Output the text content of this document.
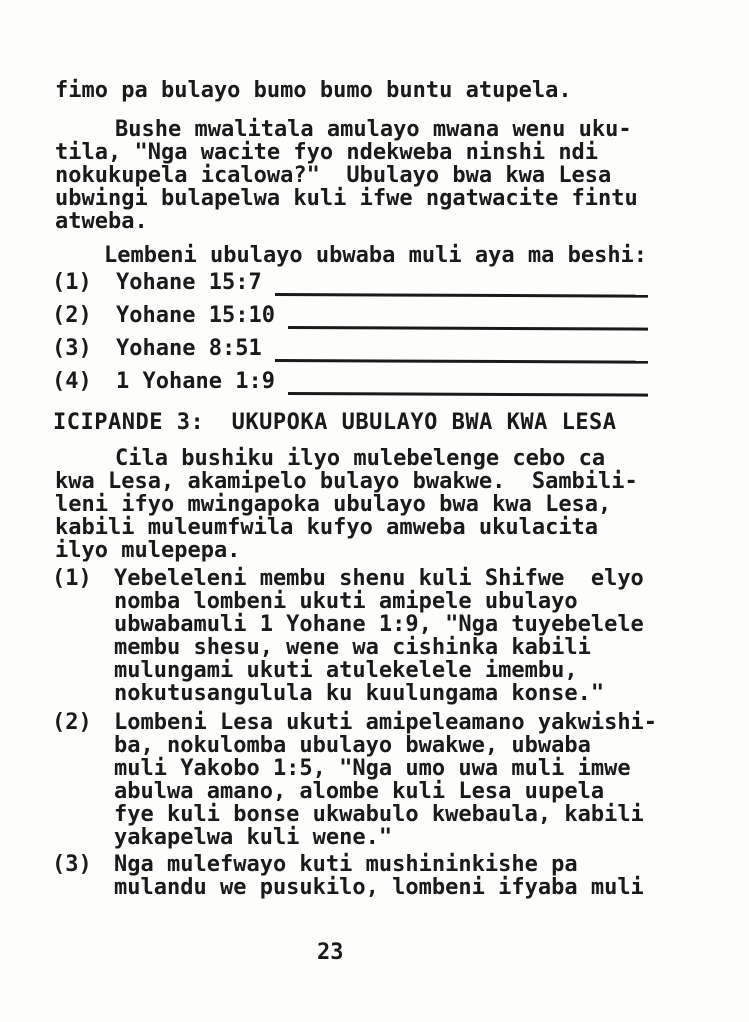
fimo pa bulayo bumo bumo buntu atupela.
Bushe mwalitala amulayo mwana wenu uku-
tila, "Nga wacite fyo ndekweba ninshi ndi
nokukupela icalowa?"  Ubulayo bwa kwa Lesa
ubwingi bulapelwa kuli ifwe ngatwacite fintu
atweba.
Lembeni ubulayo ubwaba muli aya ma beshi:
(1)	Yohane 15:7
(2)	Yohane 15:10
(3)	Yohane 8:51
(4)	1 Yohane 1:9
ICIPANDE 3:  UKUPOKA UBULAYO BWA KWA LESA
Cila bushiku ilyo mulebelenge cebo ca
kwa Lesa, akamipelo bulayo bwakwe.  Sambili-
leni ifyo mwingapoka ubulayo bwa kwa Lesa,
kabili muleumfwila kufyo amweba ukulacita
ilyo mulepepa.
(1)	Yebeleleni membu shenu kuli Shifwe  elyo
nomba lombeni ukuti amipele ubulayo
ubwabamuli 1 Yohane 1:9, "Nga tuyebelele
membu shesu, wene wa cishinka kabili
mulungami ukuti atulekelele imembu,
nokutusangulula ku kuulungama konse."
(2)	Lombeni Lesa ukuti amipeleamano yakwishi-
ba, nokulomba ubulayo bwakwe, ubwaba
muli Yakobo 1:5, "Nga umo uwa muli imwe
abulwa amano, alombe kuli Lesa uupela
fye kuli bonse ukwabulo kwebaula, kabili
yakapelwa kuli wene."
(3)	Nga mulefwayo kuti mushininkishe pa
mulandu we pusukilo, lombeni ifyaba muli
23
